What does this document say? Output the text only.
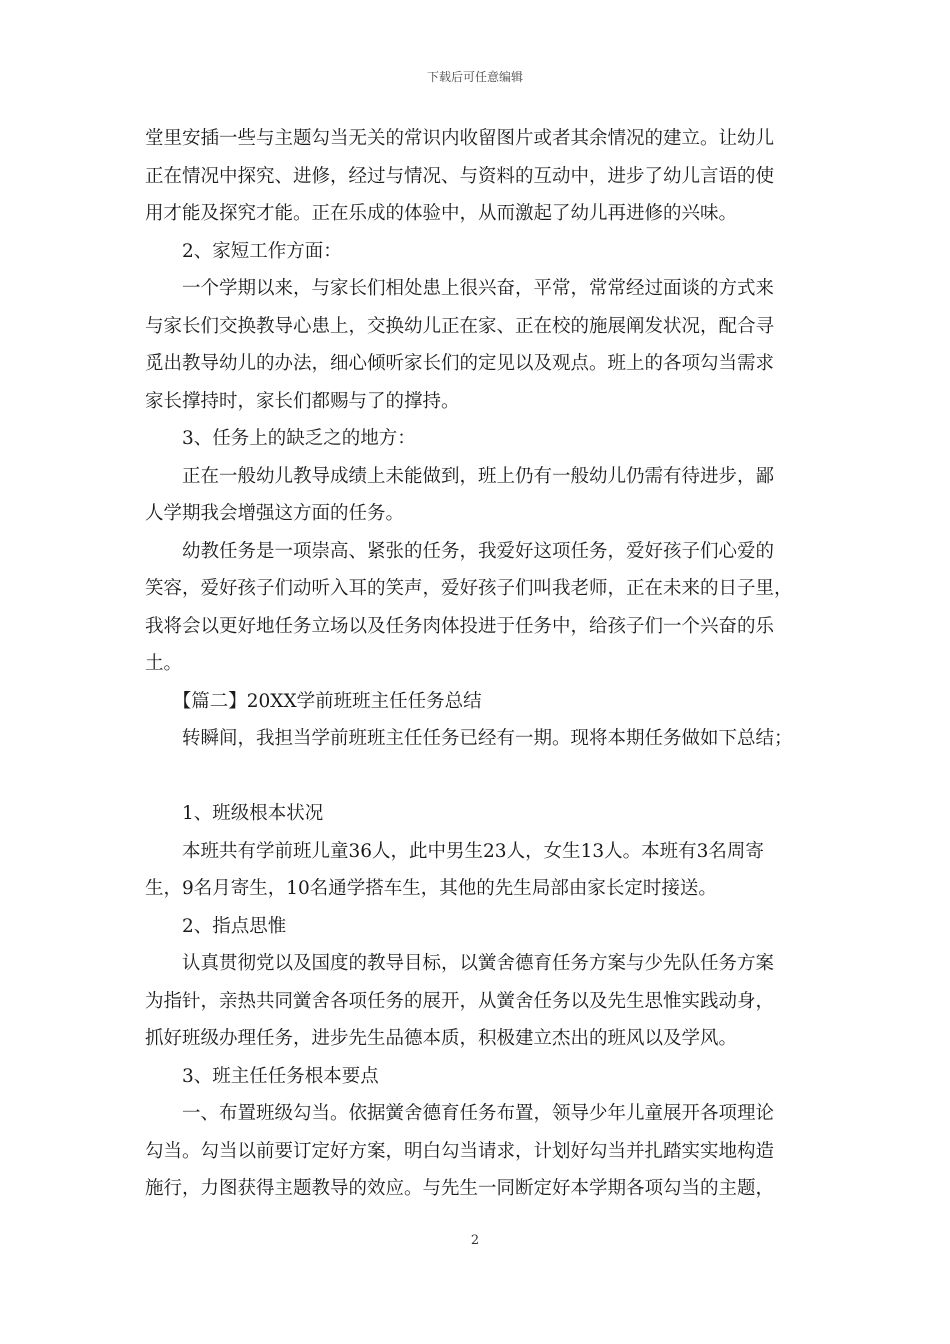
下载后可任意编辑
堂里安插一些与主题勾当无关的常识内收留图片或者其余情况的建立。让幼儿
正在情况中探究、进修，经过与情况、与资料的互动中，进步了幼儿言语的使
用才能及探究才能。正在乐成的体验中，从而激起了幼儿再进修的兴味。
　　2、家短工作方面：
　　一个学期以来，与家长们相处患上很兴奋，平常，常常经过面谈的方式来
与家长们交换教导心患上，交换幼儿正在家、正在校的施展阐发状况，配合寻
觅出教导幼儿的办法，细心倾听家长们的定见以及观点。班上的各项勾当需求
家长撑持时，家长们都赐与了的撑持。
　　3、任务上的缺乏之的地方：
　　正在一般幼儿教导成绩上未能做到，班上仍有一般幼儿仍需有待进步，鄙
人学期我会增强这方面的任务。
　　幼教任务是一项崇高、紧张的任务，我爱好这项任务，爱好孩子们心爱的
笑容，爱好孩子们动听入耳的笑声，爱好孩子们叫我老师，正在未来的日子里，
我将会以更好地任务立场以及任务肉体投进于任务中，给孩子们一个兴奋的乐
土。
　　【篇二】20XX学前班班主任任务总结
　　转瞬间，我担当学前班班主任任务已经有一期。现将本期任务做如下总结；
　　1、班级根本状况
　　本班共有学前班儿童36人，此中男生23人，女生13人。本班有3名周寄
生，9名月寄生，10名通学搭车生，其他的先生局部由家长定时接送。
　　2、指点思惟
　　认真贯彻党以及国度的教导目标，以黉舍德育任务方案与少先队任务方案
为指针，亲热共同黉舍各项任务的展开，从黉舍任务以及先生思惟实践动身，
抓好班级办理任务，进步先生品德本质，积极建立杰出的班风以及学风。
　　3、班主任任务根本要点
　　一、布置班级勾当。依据黉舍德育任务布置，领导少年儿童展开各项理论
勾当。勾当以前要订定好方案，明白勾当请求，计划好勾当并扎踏实实地构造
施行，力图获得主题教导的效应。与先生一同断定好本学期各项勾当的主题，
2
